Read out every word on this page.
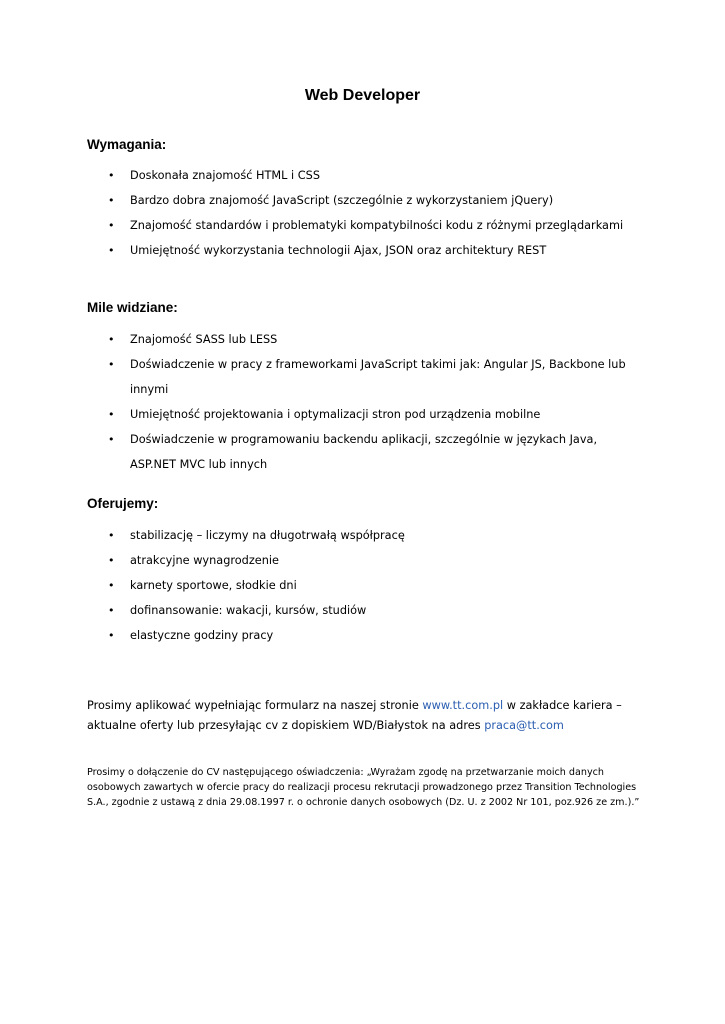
Web Developer
Wymagania:
• Doskonała znajomość HTML i CSS
• Bardzo dobra znajomość JavaScript (szczególnie z wykorzystaniem jQuery)
• Znajomość standardów i problematyki kompatybilności kodu z różnymi przeglądarkami
• Umiejętność wykorzystania technologii Ajax, JSON oraz architektury REST
Mile widziane:
• Znajomość SASS lub LESS
• Doświadczenie w pracy z frameworkami JavaScript takimi jak: Angular JS, Backbone lub innymi
• Umiejętność projektowania i optymalizacji stron pod urządzenia mobilne
• Doświadczenie w programowaniu backendu aplikacji, szczególnie w językach Java, ASP.NET MVC lub innych
Oferujemy:
• stabilizację – liczymy na długotrwałą współpracę
• atrakcyjne wynagrodzenie
• karnety sportowe, słodkie dni
• dofinansowanie: wakacji, kursów, studiów
• elastyczne godziny pracy

Prosimy aplikować wypełniając formularz na naszej stronie www.tt.com.pl w zakładce kariera – aktualne oferty lub przesyłając cv z dopiskiem WD/Białystok na adres praca@tt.com

Prosimy o dołączenie do CV następującego oświadczenia: „Wyrażam zgodę na przetwarzanie moich danych osobowych zawartych w ofercie pracy do realizacji procesu rekrutacji prowadzonego przez Transition Technologies S.A., zgodnie z ustawą z dnia 29.08.1997 r. o ochronie danych osobowych (Dz. U. z 2002 Nr 101, poz.926 ze zm.).”
